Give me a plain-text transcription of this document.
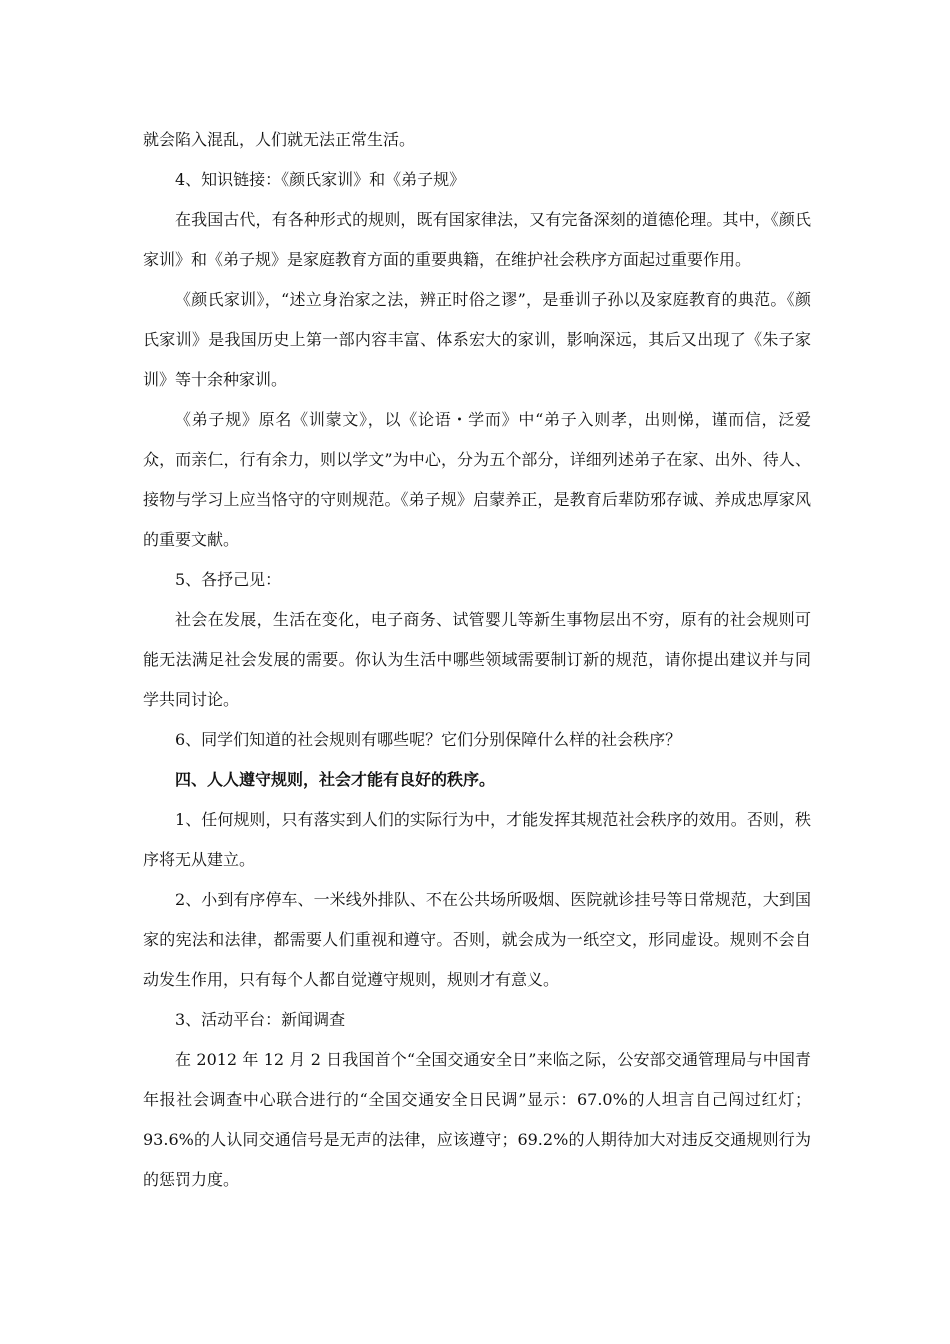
就会陷入混乱，人们就无法正常生活。

4、知识链接：《颜氏家训》和《弟子规》

在我国古代，有各种形式的规则，既有国家律法，又有完备深刻的道德伦理。其中，《颜氏家训》和《弟子规》是家庭教育方面的重要典籍，在维护社会秩序方面起过重要作用。

《颜氏家训》，“述立身治家之法，辨正时俗之谬”，是垂训子孙以及家庭教育的典范。《颜氏家训》是我国历史上第一部内容丰富、体系宏大的家训，影响深远，其后又出现了《朱子家训》等十余种家训。

《弟子规》原名《训蒙文》，以《论语・学而》中“弟子入则孝，出则悌，谨而信，泛爱众，而亲仁，行有余力，则以学文”为中心，分为五个部分，详细列述弟子在家、出外、待人、接物与学习上应当恪守的守则规范。《弟子规》启蒙养正，是教育后辈防邪存诚、养成忠厚家风的重要文献。

5、各抒己见：

社会在发展，生活在变化，电子商务、试管婴儿等新生事物层出不穷，原有的社会规则可能无法满足社会发展的需要。你认为生活中哪些领域需要制订新的规范，请你提出建议并与同学共同讨论。

6、同学们知道的社会规则有哪些呢？它们分别保障什么样的社会秩序？

四、人人遵守规则，社会才能有良好的秩序。

1、任何规则，只有落实到人们的实际行为中，才能发挥其规范社会秩序的效用。否则，秩序将无从建立。

2、小到有序停车、一米线外排队、不在公共场所吸烟、医院就诊挂号等日常规范，大到国家的宪法和法律，都需要人们重视和遵守。否则，就会成为一纸空文，形同虚设。规则不会自动发生作用，只有每个人都自觉遵守规则，规则才有意义。

3、活动平台：新闻调查

在 2012 年 12 月 2 日我国首个“全国交通安全日”来临之际，公安部交通管理局与中国青年报社会调查中心联合进行的“全国交通安全日民调”显示：67.0%的人坦言自己闯过红灯；93.6%的人认同交通信号是无声的法律，应该遵守；69.2%的人期待加大对违反交通规则行为的惩罚力度。
